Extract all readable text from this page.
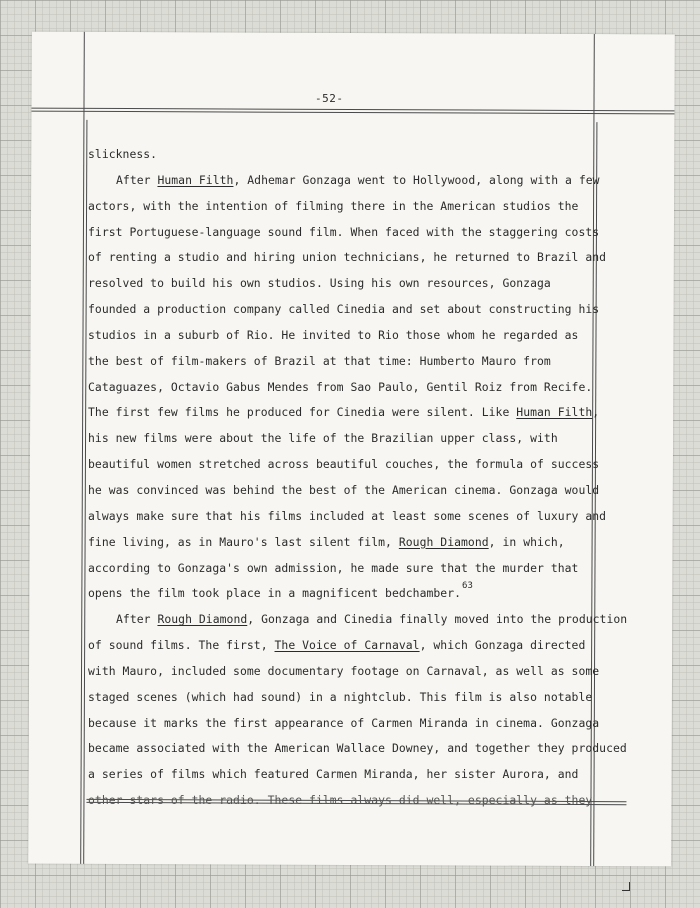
-52-
slickness.
After Human Filth, Adhemar Gonzaga went to Hollywood, along with a few
actors, with the intention of filming there in the American studios the
first Portuguese-language sound film. When faced with the staggering costs
of renting a studio and hiring union technicians, he returned to Brazil and
resolved to build his own studios. Using his own resources, Gonzaga
founded a production company called Cinedia and set about constructing his
studios in a suburb of Rio. He invited to Rio those whom he regarded as
the best of film-makers of Brazil at that time: Humberto Mauro from
Cataguazes, Octavio Gabus Mendes from Sao Paulo, Gentil Roiz from Recife.
The first few films he produced for Cinedia were silent. Like Human Filth,
his new films were about the life of the Brazilian upper class, with
beautiful women stretched across beautiful couches, the formula of success
he was convinced was behind the best of the American cinema. Gonzaga would
always make sure that his films included at least some scenes of luxury and
fine living, as in Mauro's last silent film, Rough Diamond, in which,
according to Gonzaga's own admission, he made sure that the murder that
opens the film took place in a magnificent bedchamber.$^{63}$
After Rough Diamond, Gonzaga and Cinedia finally moved into the production
of sound films. The first, The Voice of Carnaval, which Gonzaga directed
with Mauro, included some documentary footage on Carnaval, as well as some
staged scenes (which had sound) in a nightclub. This film is also notable
because it marks the first appearance of Carmen Miranda in cinema. Gonzaga
became associated with the American Wallace Downey, and together they produced
a series of films which featured Carmen Miranda, her sister Aurora, and
other stars of the radio. These films always did well, especially as they
